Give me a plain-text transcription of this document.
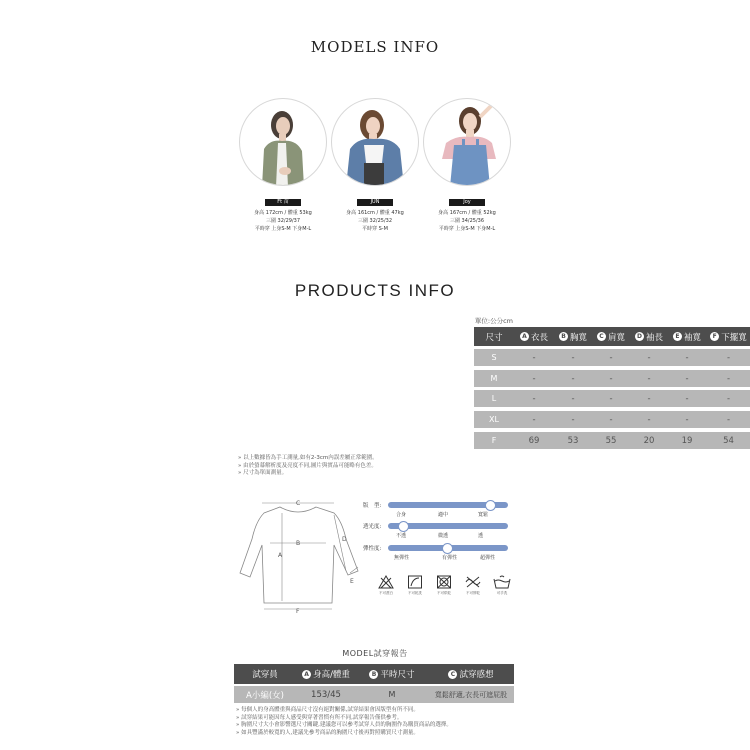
MODELS INFO
Ft 苗
身高 172cm / 體重 53kg
三圍 32/29/37
平時穿 上身S-M 下身M-L
JUN
身高 161cm / 體重 47kg
三圍 32/25/32
平時穿 S-M
Joy
身高 167cm / 體重 52kg
三圍 34/25/36
平時穿 上身S-M 下身M-L
PRODUCTS INFO
單位:公分cm
尺寸	A 衣長	B 胸寬	C 肩寬	D 袖長	E 袖寬	F 下擺寬
S	-	-	-	-	-	-
M	-	-	-	-	-	-
L	-	-	-	-	-	-
XL	-	-	-	-	-	-
F	69	53	55	20	19	54
» 以上數據皆為手工測量,如有2-3cm內誤差屬正常範圍。
» 由於螢幕解析度及亮度不同,圖片與實品可能略有色差。
» 尺寸為單面測量。
C
B
A
D
E
F
版　型:
合身	適中	寬鬆
透光度:
不透	微透	透
彈性度:
無彈性	有彈性	超彈性
不可漂白	不可乾洗	不可烘乾	不可擰乾	可手洗
MODEL試穿報告
試穿員	A 身高/體重	B 平時尺寸	C 試穿感想
A小編(女)	153/45	M	寬鬆舒適,衣長可遮屁股
» 每個人的身高體重與商品尺寸沒有絕對關係,試穿結果會因版型有所不同。
» 試穿結果可能因每人感受與穿著習慣有所不同,試穿報告僅供參考。
» 胸圍尺寸大小會影響選尺寸關鍵,建議您可以參考試穿人員的胸圍作為購買商品的選擇。
» 如具豐滿於較寬的人,建議先參考商品的胸圍尺寸後再對照購買尺寸測量。
